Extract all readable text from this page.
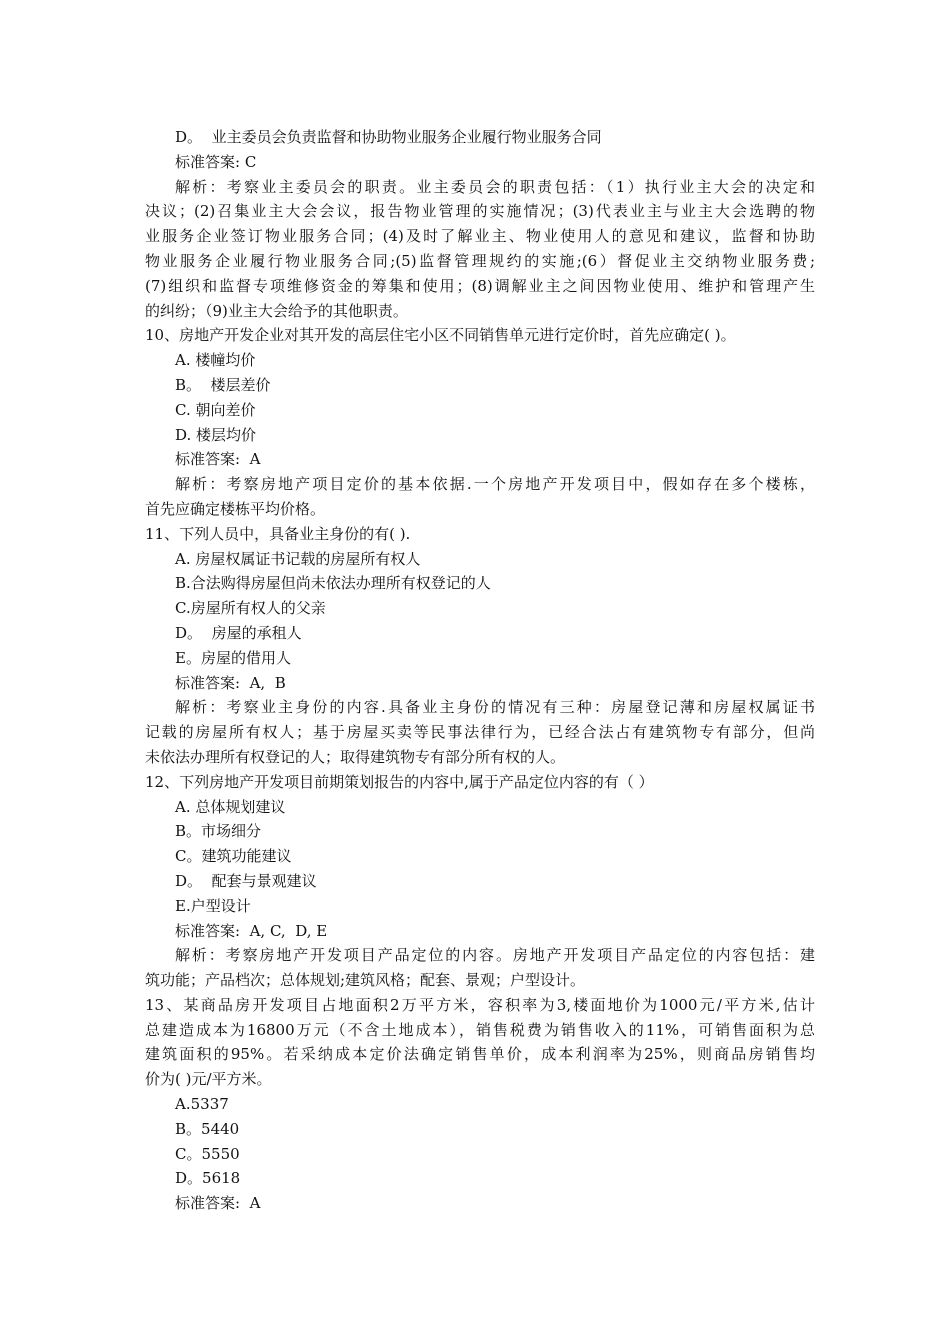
D。  业主委员会负责监督和协助物业服务企业履行物业服务合同
标准答案: C
解析：考察业主委员会的职责。业主委员会的职责包括：（1）执行业主大会的决定和
决议；(2)召集业主大会会议，报告物业管理的实施情况；(3)代表业主与业主大会选聘的物
业服务企业签订物业服务合同；(4)及时了解业主、物业使用人的意见和建议，监督和协助
物业服务企业履行物业服务合同;(5)监督管理规约的实施;(6）督促业主交纳物业服务费;
(7)组织和监督专项维修资金的筹集和使用；(8)调解业主之间因物业使用、维护和管理产生
的纠纷；（9)业主大会给予的其他职责。
10、房地产开发企业对其开发的高层住宅小区不同销售单元进行定价时，首先应确定( )。
A. 楼幢均价
B。  楼层差价
C. 朝向差价
D. 楼层均价
标准答案:  A
解析：考察房地产项目定价的基本依据.一个房地产开发项目中，假如存在多个楼栋，
首先应确定楼栋平均价格。
11、下列人员中，具备业主身份的有( ).
A. 房屋权属证书记载的房屋所有权人
B.合法购得房屋但尚未依法办理所有权登记的人
C.房屋所有权人的父亲
D。  房屋的承租人
E。房屋的借用人
标准答案:  A,  B
解析：考察业主身份的内容.具备业主身份的情况有三种：房屋登记薄和房屋权属证书
记载的房屋所有权人；基于房屋买卖等民事法律行为，已经合法占有建筑物专有部分，但尚
未依法办理所有权登记的人；取得建筑物专有部分所有权的人。
12、下列房地产开发项目前期策划报告的内容中,属于产品定位内容的有（ ）
A. 总体规划建议
B。市场细分
C。建筑功能建议
D。  配套与景观建议
E.户型设计
标准答案:  A, C,  D, E
解析：考察房地产开发项目产品定位的内容。房地产开发项目产品定位的内容包括：建
筑功能；产品档次；总体规划;建筑风格；配套、景观；户型设计。
13、某商品房开发项目占地面积2万平方米，容积率为3,楼面地价为1000元/平方米,估计
总建造成本为16800万元（不含土地成本），销售税费为销售收入的11%，可销售面积为总
建筑面积的95%。若采纳成本定价法确定销售单价，成本利润率为25%，则商品房销售均
价为( )元/平方米。
A.5337
B。5440
C。5550
D。5618
标准答案:  A
